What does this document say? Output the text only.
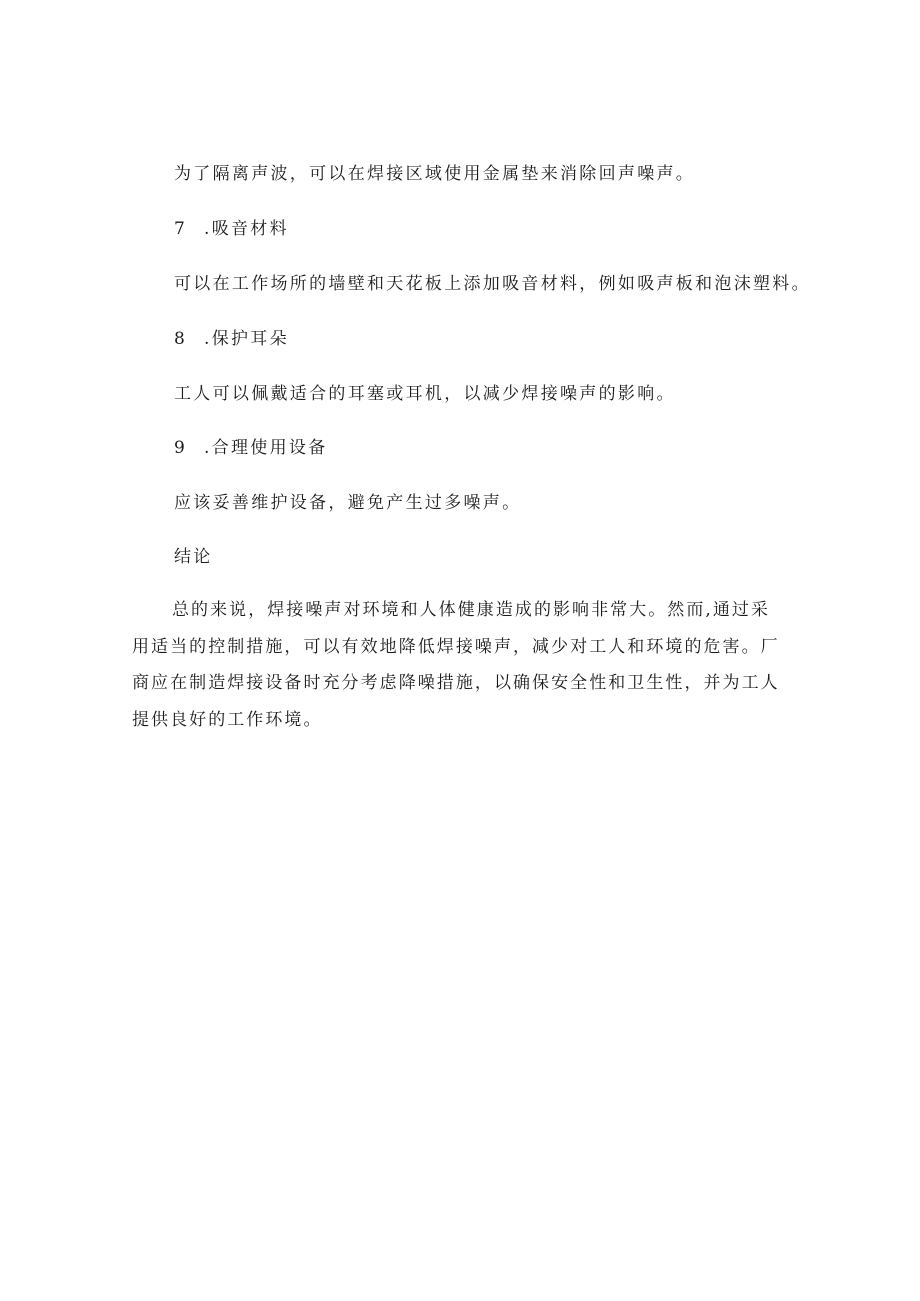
为了隔离声波，可以在焊接区域使用金属垫来消除回声噪声。
7 .吸音材料
可以在工作场所的墙壁和天花板上添加吸音材料，例如吸声板和泡沫塑料。
8 .保护耳朵
工人可以佩戴适合的耳塞或耳机，以减少焊接噪声的影响。
9 .合理使用设备
应该妥善维护设备，避免产生过多噪声。
结论

总的来说，焊接噪声对环境和人体健康造成的影响非常大。然而,通过采用适当的控制措施，可以有效地降低焊接噪声，减少对工人和环境的危害。厂商应在制造焊接设备时充分考虑降噪措施，以确保安全性和卫生性，并为工人提供良好的工作环境。
